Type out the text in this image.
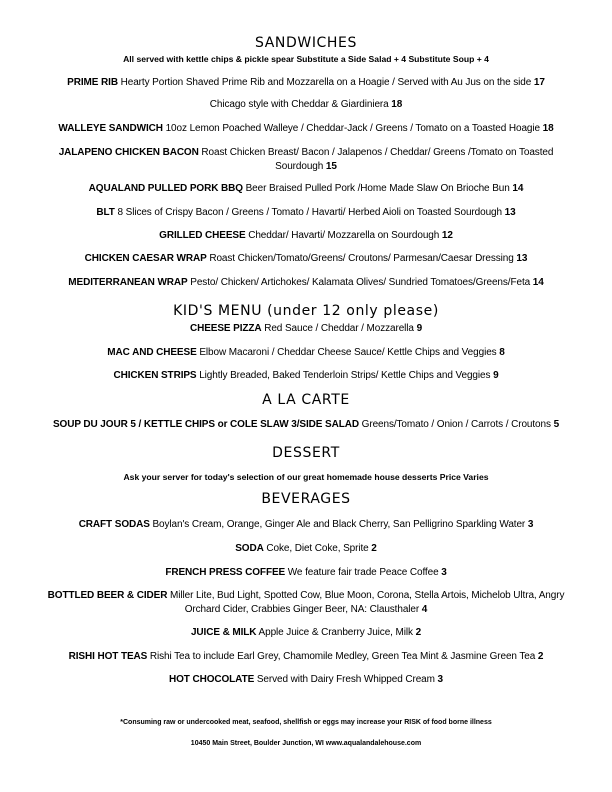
SANDWICHES
All served with kettle chips & pickle spear Substitute a Side Salad + 4 Substitute Soup + 4
PRIME RIB Hearty Portion Shaved Prime Rib and Mozzarella on a Hoagie / Served with Au Jus on the side 17
Chicago style with Cheddar & Giardiniera 18
WALLEYE SANDWICH 10oz Lemon Poached Walleye / Cheddar-Jack / Greens / Tomato on a Toasted Hoagie 18
JALAPENO CHICKEN BACON Roast Chicken Breast/ Bacon / Jalapenos / Cheddar/ Greens /Tomato on Toasted Sourdough 15
AQUALAND PULLED PORK BBQ Beer Braised Pulled Pork /Home Made Slaw On Brioche Bun 14
BLT 8 Slices of Crispy Bacon / Greens / Tomato / Havarti/ Herbed Aioli on Toasted Sourdough 13
GRILLED CHEESE Cheddar/ Havarti/ Mozzarella on Sourdough 12
CHICKEN CAESAR WRAP Roast Chicken/Tomato/Greens/ Croutons/ Parmesan/Caesar Dressing 13
MEDITERRANEAN WRAP Pesto/ Chicken/ Artichokes/ Kalamata Olives/ Sundried Tomatoes/Greens/Feta 14
KID'S MENU (under 12 only please)
CHEESE PIZZA Red Sauce / Cheddar / Mozzarella 9
MAC AND CHEESE Elbow Macaroni / Cheddar Cheese Sauce/ Kettle Chips and Veggies 8
CHICKEN STRIPS Lightly Breaded, Baked Tenderloin Strips/ Kettle Chips and Veggies 9
A LA CARTE
SOUP DU JOUR 5 / KETTLE CHIPS or COLE SLAW 3/SIDE SALAD Greens/Tomato / Onion / Carrots / Croutons 5
DESSERT
Ask your server for today's selection of our great homemade house desserts Price Varies
BEVERAGES
CRAFT SODAS Boylan's Cream, Orange, Ginger Ale and Black Cherry, San Pelligrino Sparkling Water 3
SODA Coke, Diet Coke, Sprite 2
FRENCH PRESS COFFEE We feature fair trade Peace Coffee 3
BOTTLED BEER & CIDER Miller Lite, Bud Light, Spotted Cow, Blue Moon, Corona, Stella Artois, Michelob Ultra, Angry Orchard Cider, Crabbies Ginger Beer, NA: Clausthaler 4
JUICE & MILK Apple Juice & Cranberry Juice, Milk 2
RISHI HOT TEAS Rishi Tea to include Earl Grey, Chamomile Medley, Green Tea Mint & Jasmine Green Tea 2
HOT CHOCOLATE Served with Dairy Fresh Whipped Cream 3
*Consuming raw or undercooked meat, seafood, shellfish or eggs may increase your RISK of food borne illness
10450 Main Street, Boulder Junction, WI www.aqualandalehouse.com
